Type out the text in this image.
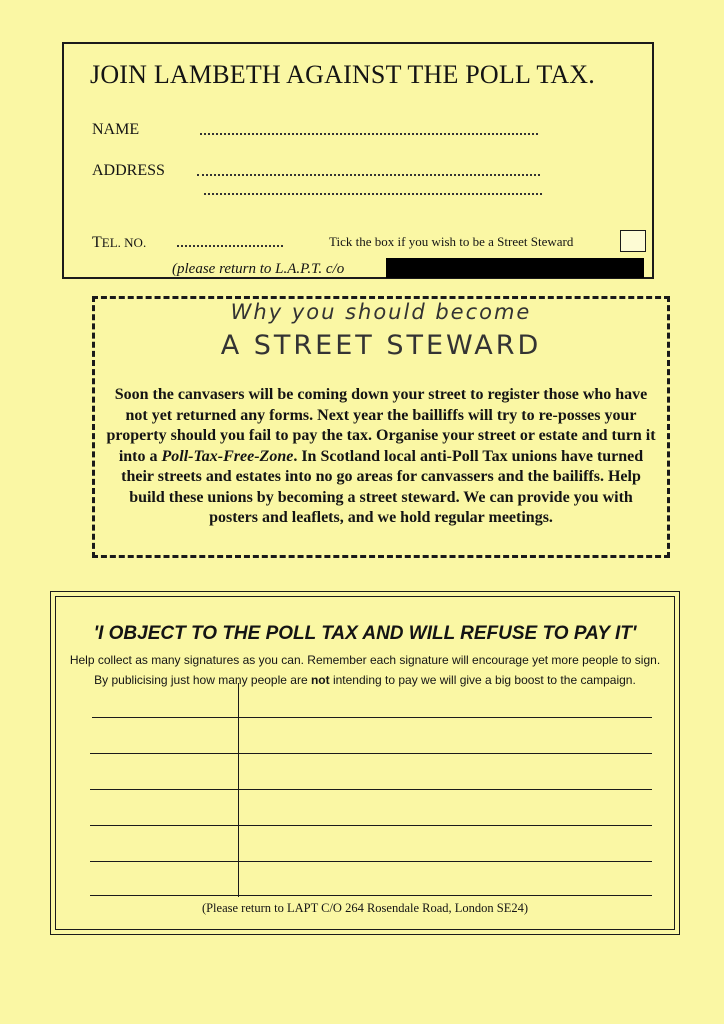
JOIN LAMBETH AGAINST THE POLL TAX.
NAME
ADDRESS
TEL. NO.	Tick the box if you wish to be a Street Steward
(please return to L.A.P.T. c/o
Why you should become
A STREET STEWARD
Soon the canvasers will be coming down your street to register those who have not yet returned any forms. Next year the bailliffs will try to re-posses your property should you fail to pay the tax. Organise your street or estate and turn it into a Poll-Tax-Free-Zone. In Scotland local anti-Poll Tax unions have turned their streets and estates into no go areas for canvassers and the bailiffs. Help build these unions by becoming a street steward. We can provide you with posters and leaflets, and we hold regular meetings.
'I OBJECT TO THE POLL TAX AND WILL REFUSE TO PAY IT'
Help collect as many signatures as you can. Remember each signature will encourage yet more people to sign.
By publicising just how many people are not intending to pay we will give a big boost to the campaign.
(Please return to LAPT C/O 264 Rosendale Road, London SE24)
